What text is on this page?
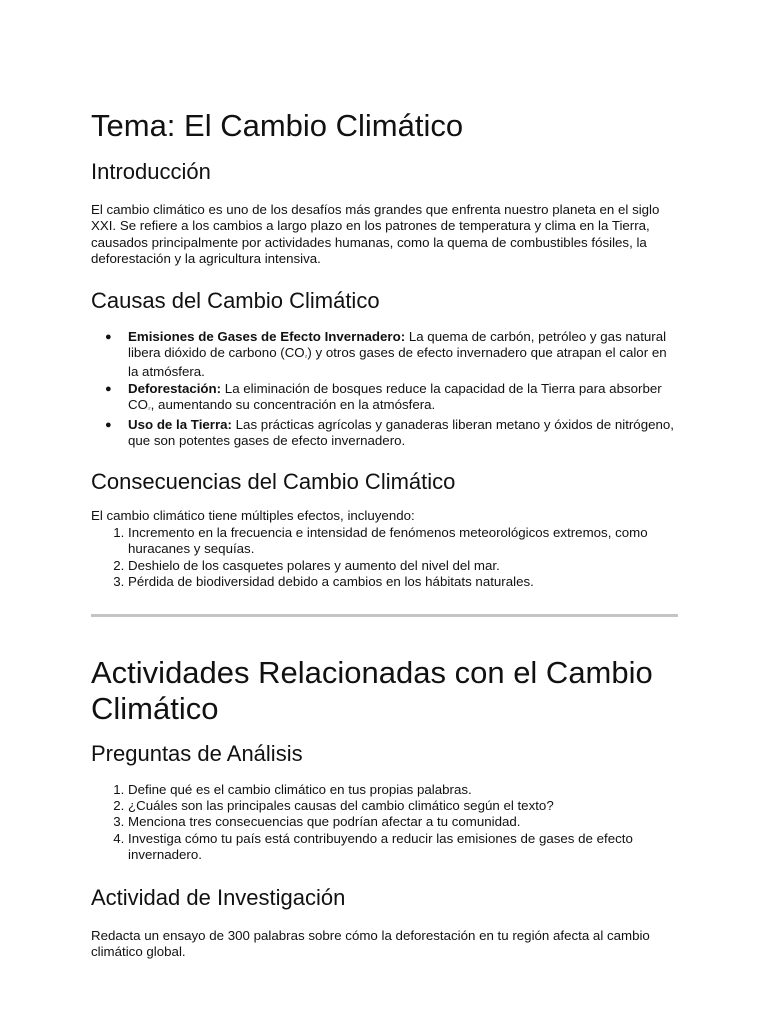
Tema: El Cambio Climático
Introducción

El cambio climático es uno de los desafíos más grandes que enfrenta nuestro planeta en el siglo XXI. Se refiere a los cambios a largo plazo en los patrones de temperatura y clima en la Tierra, causados principalmente por actividades humanas, como la quema de combustibles fósiles, la deforestación y la agricultura intensiva.

Causas del Cambio Climático
● Emisiones de Gases de Efecto Invernadero: La quema de carbón, petróleo y gas natural libera dióxido de carbono (CO₂) y otros gases de efecto invernadero que atrapan el calor en la atmósfera.
● Deforestación: La eliminación de bosques reduce la capacidad de la Tierra para absorber CO₂, aumentando su concentración en la atmósfera.
● Uso de la Tierra: Las prácticas agrícolas y ganaderas liberan metano y óxidos de nitrógeno, que son potentes gases de efecto invernadero.
Consecuencias del Cambio Climático

El cambio climático tiene múltiples efectos, incluyendo:

1. Incremento en la frecuencia e intensidad de fenómenos meteorológicos extremos, como huracanes y sequías.
2. Deshielo de los casquetes polares y aumento del nivel del mar.
3. Pérdida de biodiversidad debido a cambios en los hábitats naturales.
Actividades Relacionadas con el Cambio Climático
Preguntas de Análisis
1. Define qué es el cambio climático en tus propias palabras.
2. ¿Cuáles son las principales causas del cambio climático según el texto?
3. Menciona tres consecuencias que podrían afectar a tu comunidad.
4. Investiga cómo tu país está contribuyendo a reducir las emisiones de gases de efecto invernadero.
Actividad de Investigación

Redacta un ensayo de 300 palabras sobre cómo la deforestación en tu región afecta al cambio climático global.
